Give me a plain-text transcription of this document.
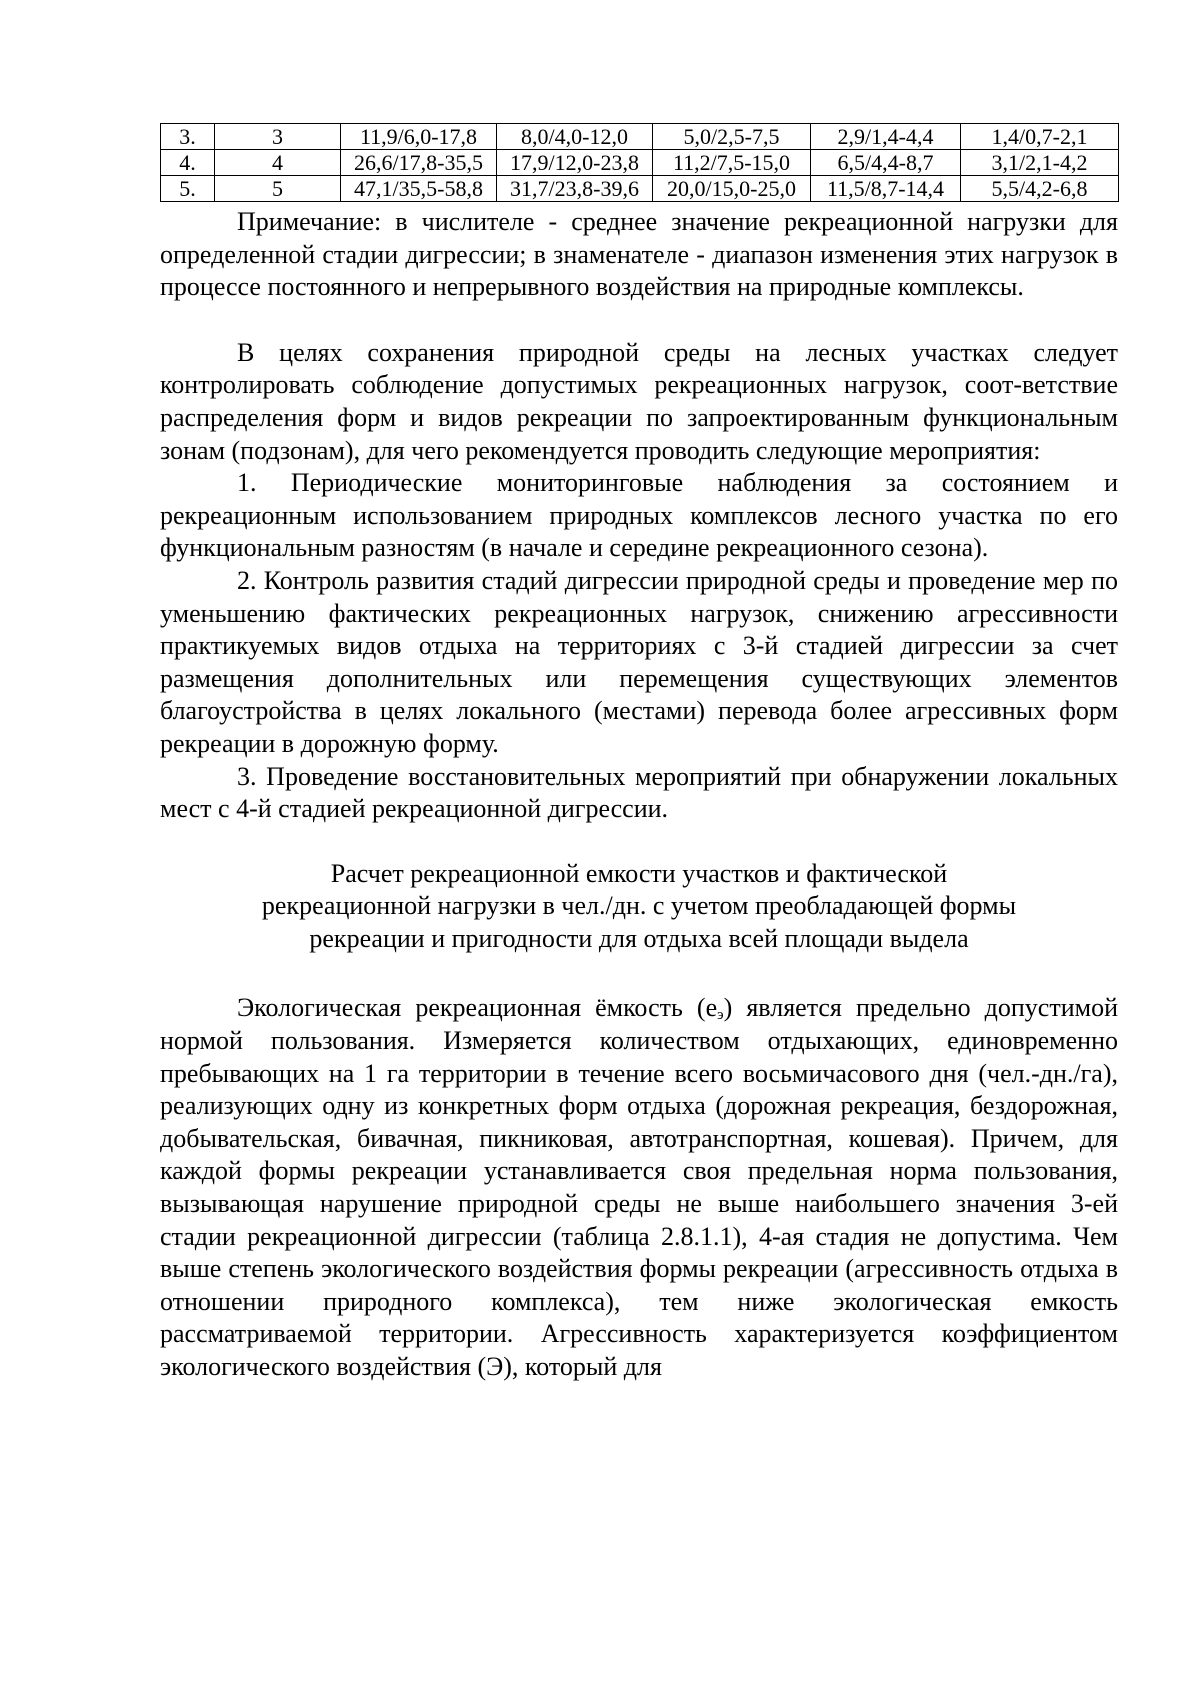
3.	3	11,9/6,0-17,8	8,0/4,0-12,0	5,0/2,5-7,5	2,9/1,4-4,4	1,4/0,7-2,1
4.	4	26,6/17,8-35,5	17,9/12,0-23,8	11,2/7,5-15,0	6,5/4,4-8,7	3,1/2,1-4,2
5.	5	47,1/35,5-58,8	31,7/23,8-39,6	20,0/15,0-25,0	11,5/8,7-14,4	5,5/4,2-6,8

Примечание: в числителе - среднее значение рекреационной нагрузки для определенной стадии дигрессии; в знаменателе - диапазон изменения этих нагрузок в процессе постоянного и непрерывного воздействия на природные комплексы.

В целях сохранения природной среды на лесных участках следует контролировать соблюдение допустимых рекреационных нагрузок, соот-ветствие распределения форм и видов рекреации по запроектированным функциональным зонам (подзонам), для чего рекомендуется проводить следующие мероприятия:

1. Периодические мониторинговые наблюдения за состоянием и рекреационным использованием природных комплексов лесного участка по его функциональным разностям (в начале и середине рекреационного сезона).

2. Контроль развития стадий дигрессии природной среды и проведение мер по уменьшению фактических рекреационных нагрузок, снижению агрессивности практикуемых видов отдыха на территориях с 3-й стадией дигрессии за счет размещения дополнительных или перемещения существующих элементов благоустройства в целях локального (местами) перевода более агрессивных форм рекреации в дорожную форму.

3. Проведение восстановительных мероприятий при обнаружении локальных мест с 4-й стадией рекреационной дигрессии.

Расчет рекреационной емкости участков и фактической

рекреационной нагрузки в чел./дн. с учетом преобладающей формы

рекреации и пригодности для отдыха всей площади выдела

Экологическая рекреационная ёмкость $(е_э)$ является предельно допустимой нормой пользования. Измеряется количеством отдыхающих, единовременно пребывающих на 1 га территории в течение всего восьмичасового дня (чел.-дн./га), реализующих одну из конкретных форм отдыха (дорожная рекреация, бездорожная, добывательская, бивачная, пикниковая, автотранспортная, кошевая). Причем, для каждой формы рекреации устанавливается своя предельная норма пользования, вызывающая нарушение природной среды не выше наибольшего значения 3-ей стадии рекреационной дигрессии (таблица 2.8.1.1), 4-ая стадия не допустима. Чем выше степень экологического воздействия формы рекреации (агрессивность отдыха в отношении природного комплекса), тем ниже экологическая емкость рассматриваемой территории. Агрессивность характеризуется коэффициентом экологического воздействия (Э), который для
